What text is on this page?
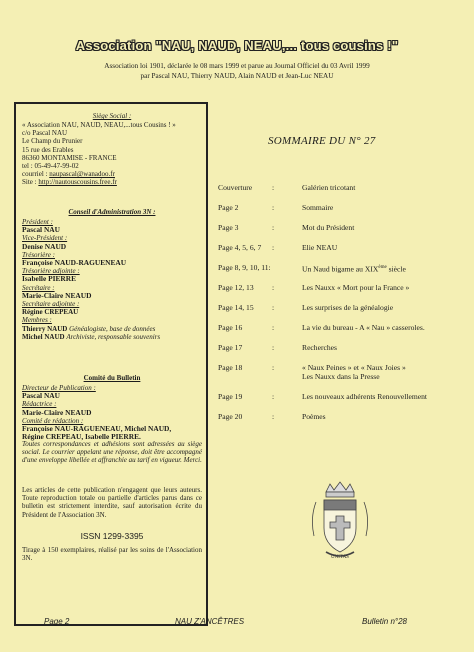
Association "NAU, NAUD, NEAU,... tous cousins !"
Association loi 1901, déclarée le 08 mars 1999 et parue au Journal Officiel du 03 Avril 1999
par Pascal NAU, Thierry NAUD, Alain NAUD et Jean-Luc NEAU
Siège Social :
« Association NAU, NAUD, NEAU,...tous Cousins ! »
c/o Pascal NAU
Le Champ du Prunier
15 rue des Erables
86360 MONTAMISE - FRANCE
tel : 05-49-47-99-02
courriel : naupascal@wanadoo.fr
Site : http://nautouscousins.free.fr
Conseil d'Administration 3N :
Président :
Pascal NAU
Vice-Président :
Denise NAUD
Trésorière :
Françoise NAUD-RAGUENEAU
Trésorière adjointe :
Isabelle PIERRE
Secrétaire :
Marie-Claire NEAUD
Secrétaire adjointe :
Régine CREPEAU
Membres :
Thierry NAUD Généalogiste, base de données
Michel NAUD Archiviste, responsable souvenirs
Comité du Bulletin
Directeur de Publication :
Pascal NAU
Rédactrice :
Marie-Claire NEAUD
Comité de rédaction :
Françoise NAU-RAGUENEAU, Michel NAUD,
Régine CREPEAU, Isabelle PIERRE.
Toutes correspondances et adhésions sont adressées au siège social. Le courrier appelant une réponse, doit être accompagné d'une enveloppe libellée et affranchie au tarif en vigueur. Merci.
Les articles de cette publication n'engagent que leurs auteurs. Toute reproduction totale ou partielle d'articles parus dans ce bulletin est strictement interdite, sauf autorisation écrite du Président de l'Association 3N.
ISSN 1299-3395
Tirage à 150 exemplaires, réalisé par les soins de l'Association 3N.
SOMMAIRE DU N° 27
Couverture	:	Galérien tricotant
Page 2	:	Sommaire
Page 3	:	Mot du Président
Page 4, 5, 6, 7 :	Elie NEAU
Page 8, 9, 10, 11:	Un Naud bigame au XIXème siècle
Page 12, 13 :	Les Nauxx « Mort pour la France »
Page 14, 15 :	Les surprises de la généalogie
Page 16	:	La vie du bureau - A « Nau » casseroles.
Page 17	:	Recherches
Page 18	:	« Naux Peines » et « Naux Joies »
Les Nauxx dans la Presse
Page 19	:	Les nouveaux adhérents Renouvellement
Page 20	:	Poèmes
UNITAS
Page 2	NAU Z'ANCÊTRES	Bulletin n°28
